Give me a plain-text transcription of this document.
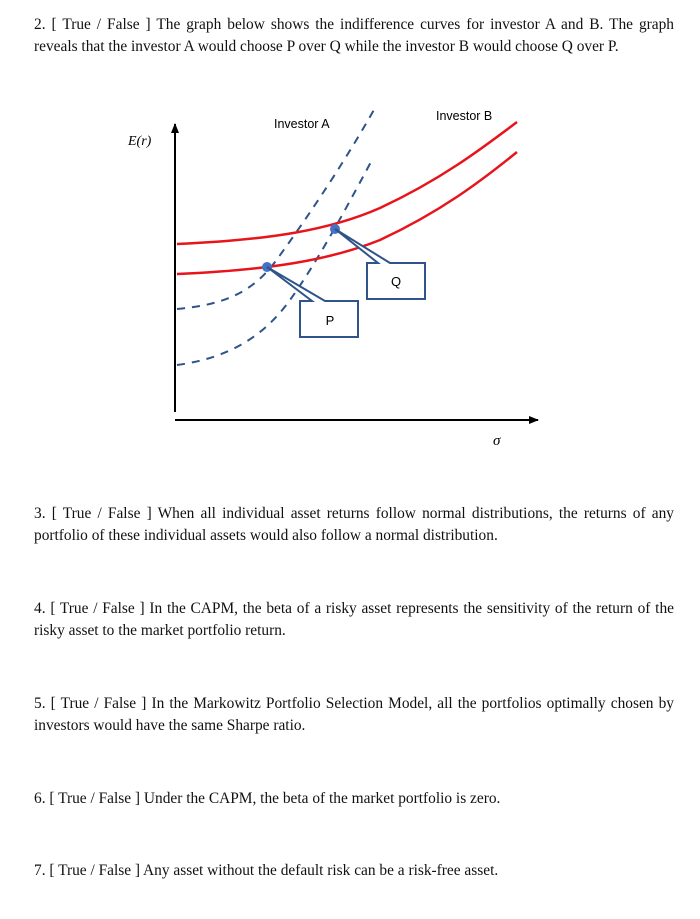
2. [ True / False ] The graph below shows the indifference curves for investor A and B. The graph reveals that the investor A would choose P over Q while the investor B would choose Q over P.
P
Q
Investor A
Investor B
E(r)
σ
3. [ True / False ] When all individual asset returns follow normal distributions, the returns of any portfolio of these individual assets would also follow a normal distribution.
4. [ True / False ] In the CAPM, the beta of a risky asset represents the sensitivity of the return of the risky asset to the market portfolio return.
5. [ True / False ] In the Markowitz Portfolio Selection Model, all the portfolios optimally chosen by investors would have the same Sharpe ratio.
6. [ True / False ] Under the CAPM, the beta of the market portfolio is zero.
7. [ True / False ] Any asset without the default risk can be a risk-free asset.
